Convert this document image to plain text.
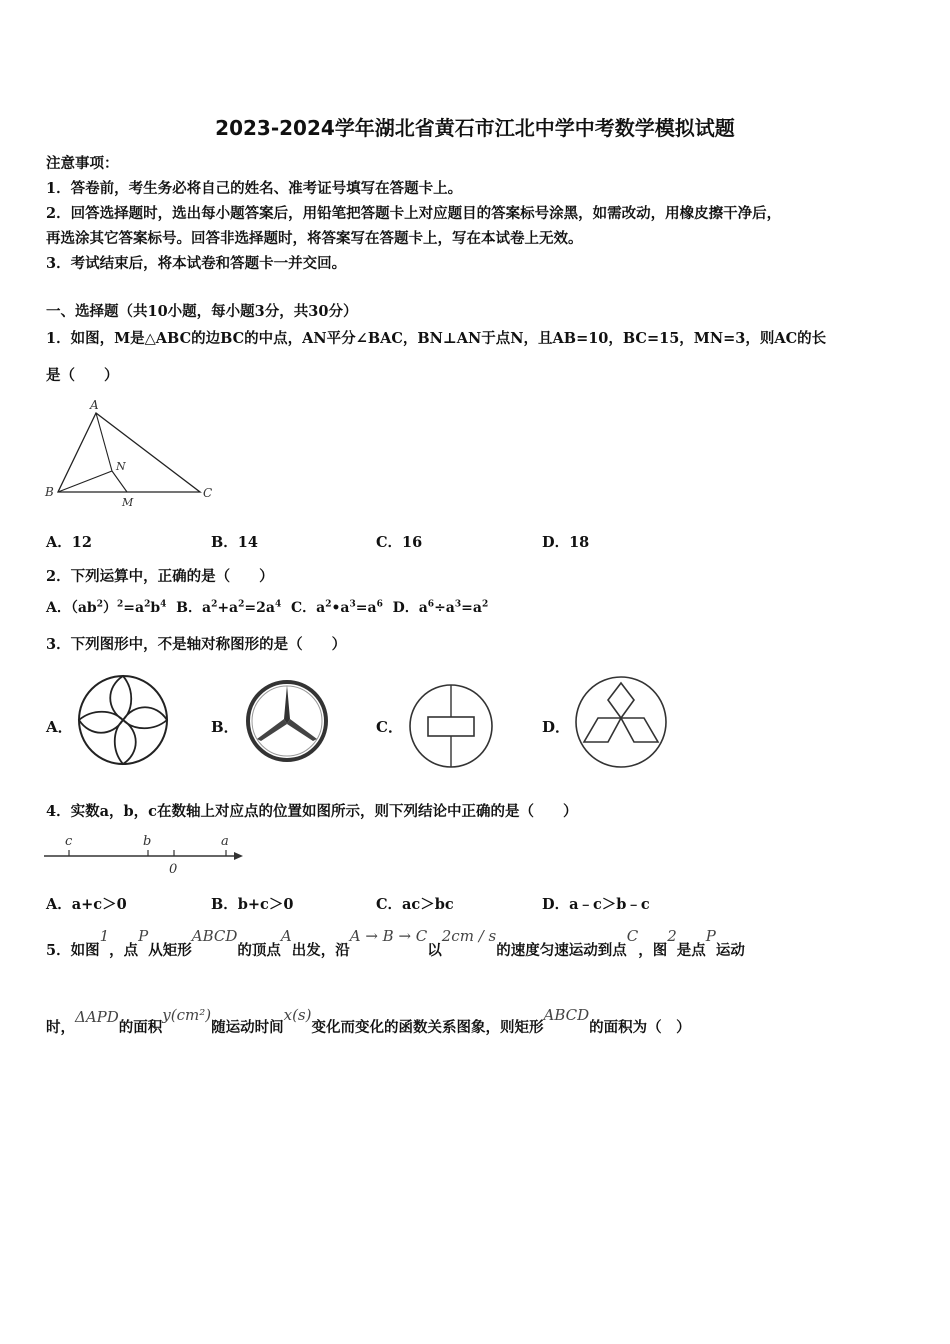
2023-2024学年湖北省黄石市江北中学中考数学模拟试题
注意事项：
1．答卷前，考生务必将自己的姓名、准考证号填写在答题卡上。
2．回答选择题时，选出每小题答案后，用铅笔把答题卡上对应题目的答案标号涂黑，如需改动，用橡皮擦干净后，
再选涂其它答案标号。回答非选择题时，将答案写在答题卡上，写在本试卷上无效。
3．考试结束后，将本试卷和答题卡一并交回。
一、选择题（共10小题，每小题3分，共30分）
1．如图，M是△ABC的边BC的中点，AN平分∠BAC，BN⊥AN于点N，且AB=10，BC=15，MN=3，则AC的长
是（　　）
A
B	C
M
N
A．12	B．14	C．16	D．18
2．下列运算中，正确的是（　　）
A．$(ab^2)^2=a^2b^4$ B．$a^2+a^2=2a^4$ C．$a^2•a^3=a^6$ D．$a^6\div a^3=a^2$
3．下列图形中，不是轴对称图形的是（　　）
A．	B．	C．	D．
4．实数a，b，c在数轴上对应点的位置如图所示，则下列结论中正确的是（　　）
c	b
0
a
A．a+c＞0	B．b+c＞0	C．ac＞bc	D．a﹣c＞b﹣c
5．如图1，点P从矩形ABCD的顶点A出发，沿A → B → C以2cm / s的速度匀速运动到点C，图2是点P运动
时，ΔAPD的面积y(cm²)随运动时间x(s)变化而变化的函数关系图象，则矩形ABCD的面积为（　）
